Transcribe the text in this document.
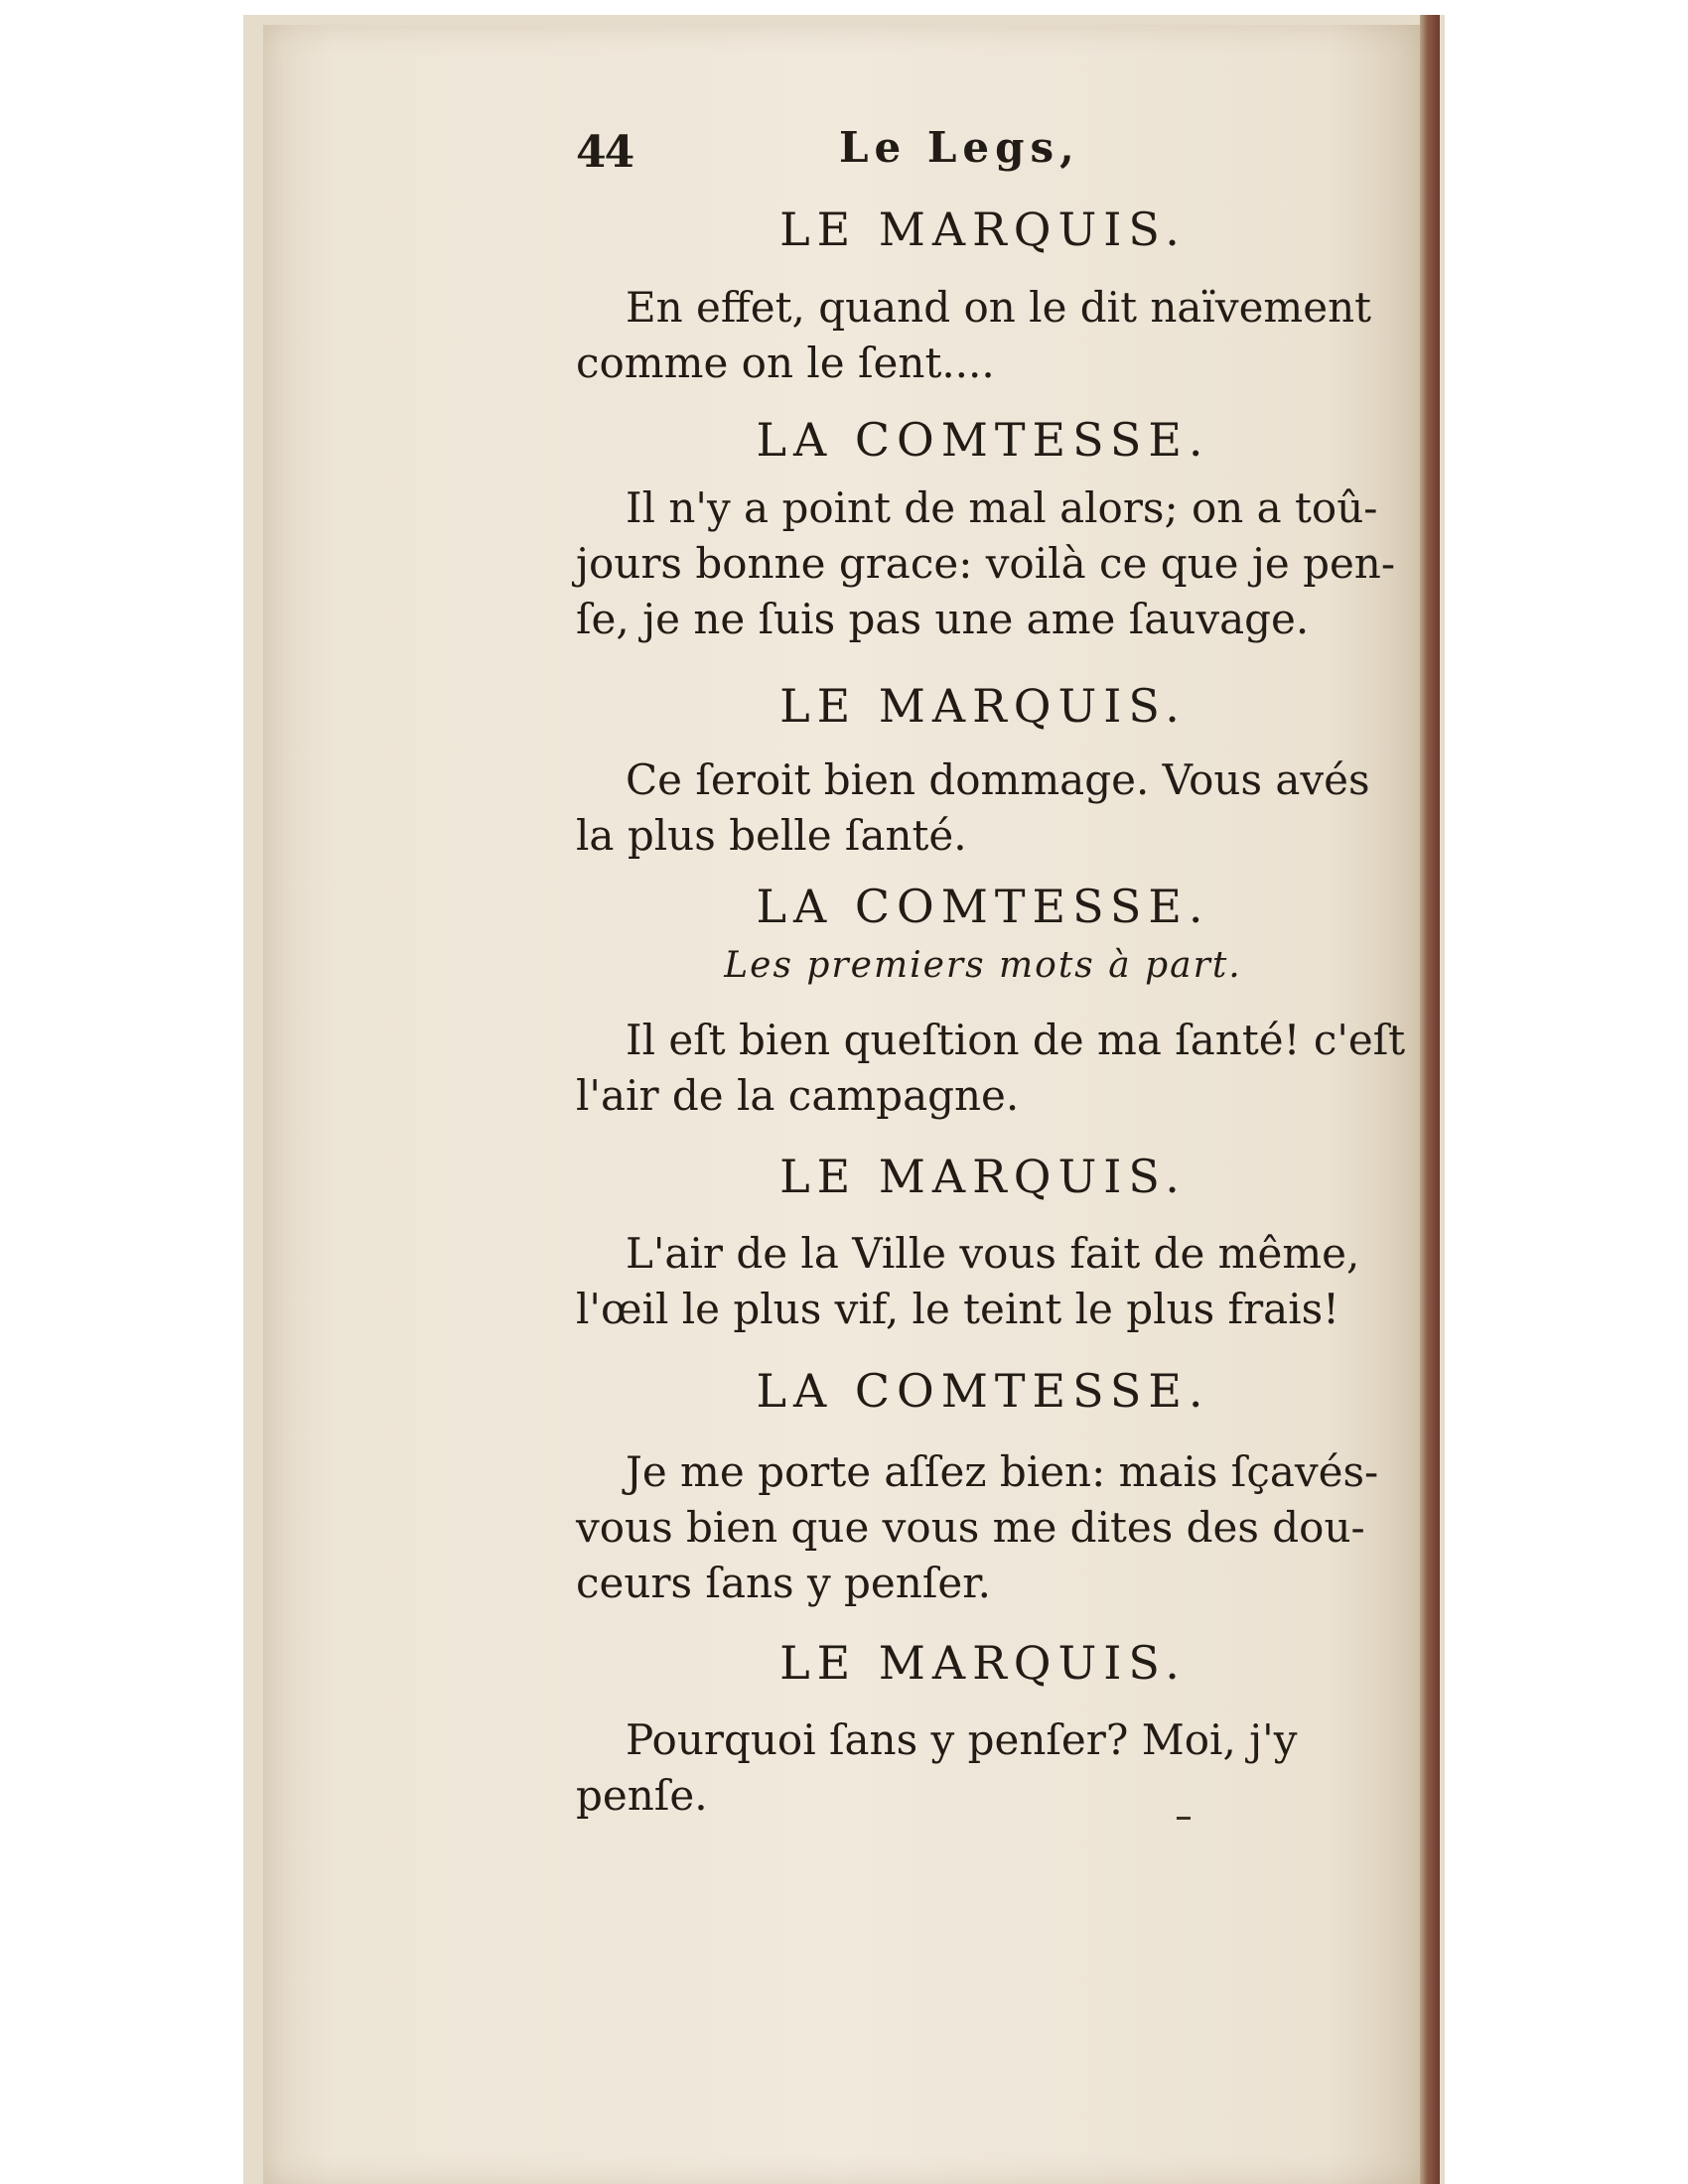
44	Le Legs,
LE MARQUIS.
En effet, quand on le dit naïvement
comme on le ſent....
LA COMTESSE.
Il n'y a point de mal alors; on a toû-
jours bonne grace: voilà ce que je pen-
ſe, je ne ſuis pas une ame ſauvage.
LE MARQUIS.
Ce ſeroit bien dommage. Vous avés
la plus belle ſanté.
LA COMTESSE.
Les premiers mots à part.
Il eſt bien queſtion de ma ſanté! c'eſt
l'air de la campagne.
LE MARQUIS.
L'air de la Ville vous fait de même,
l'œil le plus vif, le teint le plus frais!
LA COMTESSE.
Je me porte aſſez bien: mais ſçavés-
vous bien que vous me dites des dou-
ceurs ſans y penſer.
LE MARQUIS.
Pourquoi ſans y penſer? Moi, j'y
penſe.
